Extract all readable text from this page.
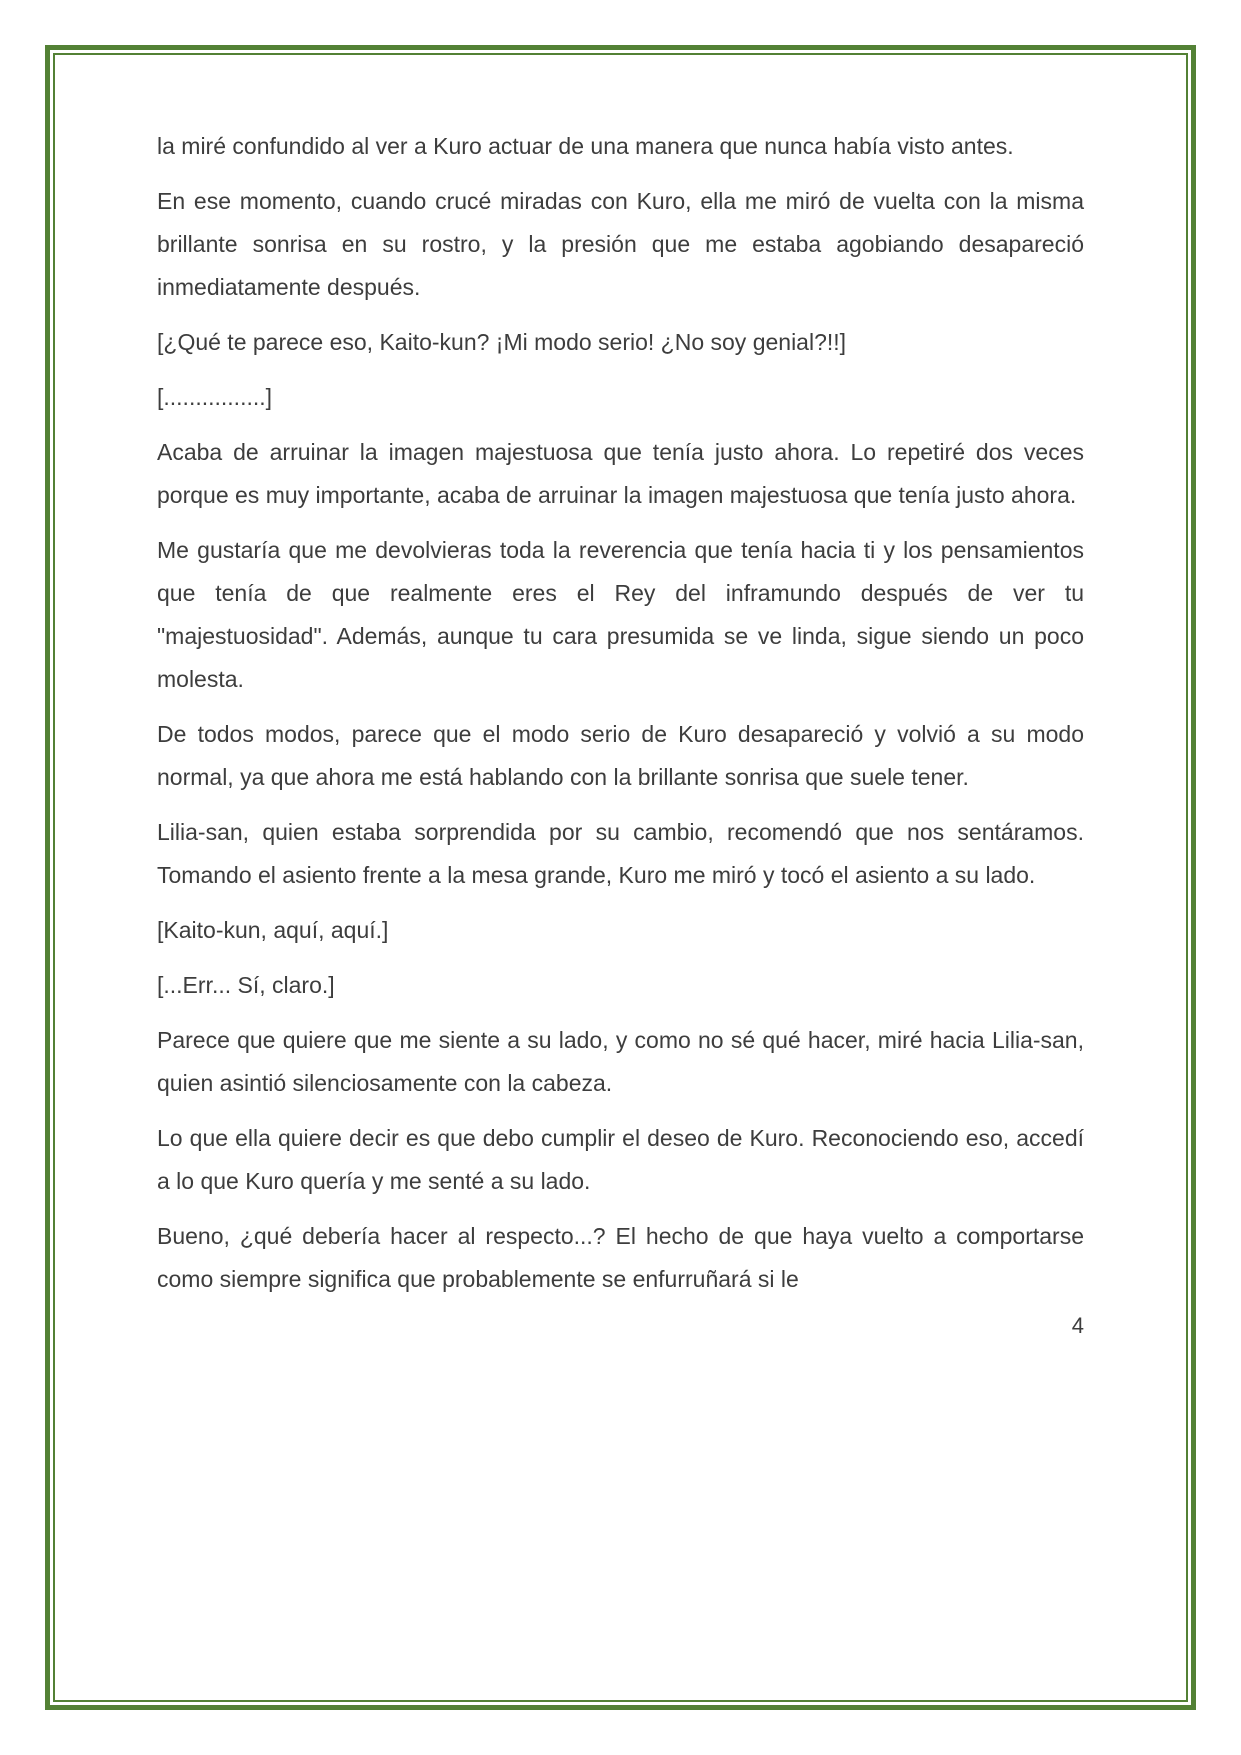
la miré confundido al ver a Kuro actuar de una manera que nunca había visto antes.

En ese momento, cuando crucé miradas con Kuro, ella me miró de vuelta con la misma brillante sonrisa en su rostro, y la presión que me estaba agobiando desapareció inmediatamente después.

[¿Qué te parece eso, Kaito-kun? ¡Mi modo serio! ¿No soy genial?!!]

[................]

Acaba de arruinar la imagen majestuosa que tenía justo ahora. Lo repetiré dos veces porque es muy importante, acaba de arruinar la imagen majestuosa que tenía justo ahora.

Me gustaría que me devolvieras toda la reverencia que tenía hacia ti y los pensamientos que tenía de que realmente eres el Rey del inframundo después de ver tu "majestuosidad". Además, aunque tu cara presumida se ve linda, sigue siendo un poco molesta.

De todos modos, parece que el modo serio de Kuro desapareció y volvió a su modo normal, ya que ahora me está hablando con la brillante sonrisa que suele tener.

Lilia-san, quien estaba sorprendida por su cambio, recomendó que nos sentáramos. Tomando el asiento frente a la mesa grande, Kuro me miró y tocó el asiento a su lado.

[Kaito-kun, aquí, aquí.]

[...Err... Sí, claro.]

Parece que quiere que me siente a su lado, y como no sé qué hacer, miré hacia Lilia-san, quien asintió silenciosamente con la cabeza.

Lo que ella quiere decir es que debo cumplir el deseo de Kuro. Reconociendo eso, accedí a lo que Kuro quería y me senté a su lado.

Bueno, ¿qué debería hacer al respecto...? El hecho de que haya vuelto a comportarse como siempre significa que probablemente se enfurruñará si le

4
